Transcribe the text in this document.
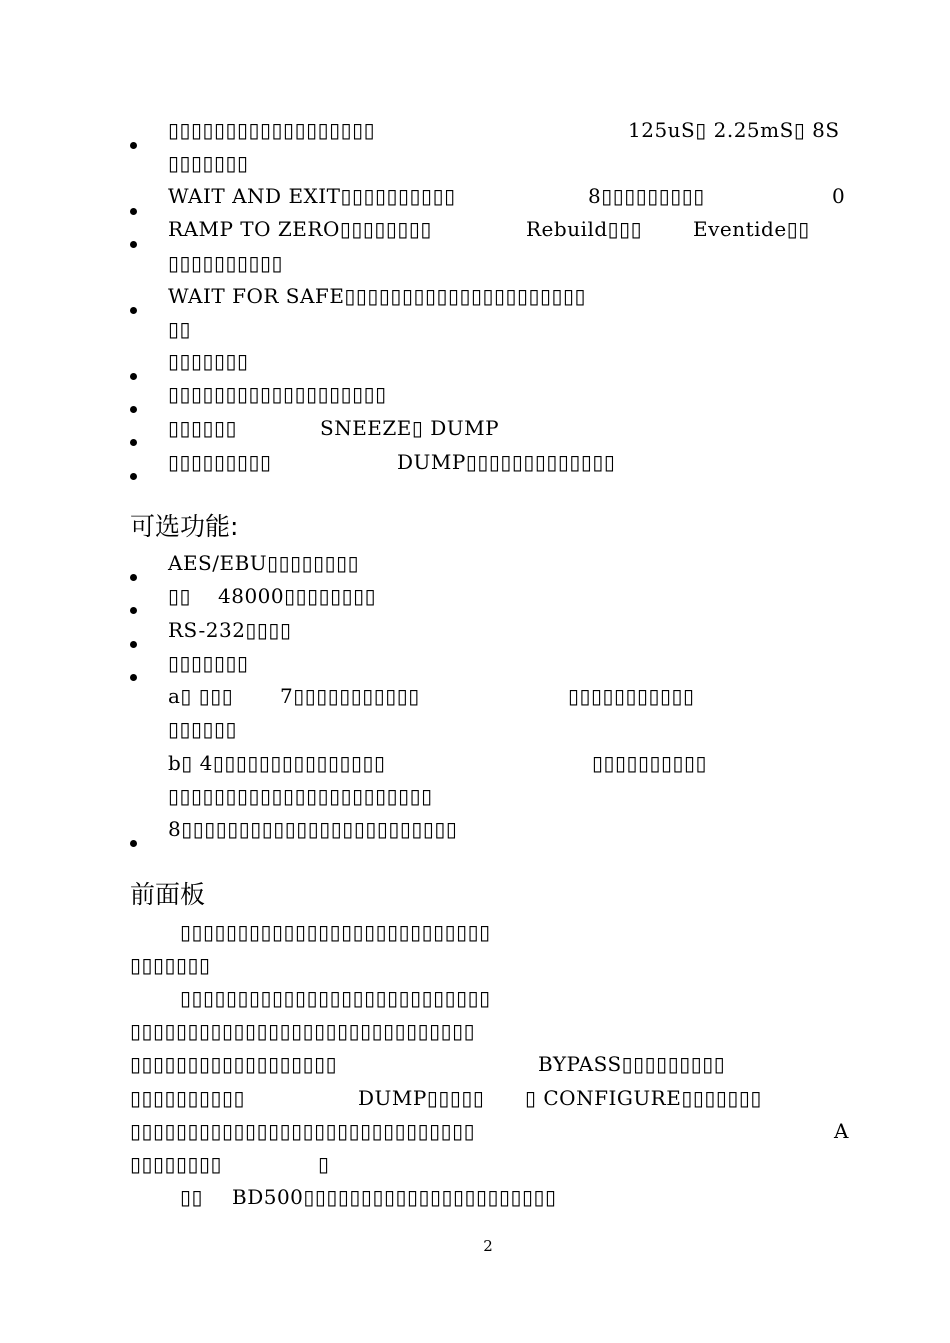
▯▯▯▯▯▯▯▯▯▯▯▯▯▯▯▯▯▯	125uS▯ 2.25mS▯ 8S
▯▯▯▯▯▯▯
WAIT AND EXIT▯▯▯▯▯▯▯▯▯▯	8▯▯▯▯▯▯▯▯▯	0
RAMP TO ZERO▯▯▯▯▯▯▯▯	Rebuild▯▯▯	Eventide▯▯
▯▯▯▯▯▯▯▯▯▯
WAIT FOR SAFE▯▯▯▯▯▯▯▯▯▯▯▯▯▯▯▯▯▯▯▯▯
▯▯
▯▯▯▯▯▯▯
▯▯▯▯▯▯▯▯▯▯▯▯▯▯▯▯▯▯▯
▯▯▯▯▯▯	SNEEZE▯ DUMP
▯▯▯▯▯▯▯▯▯	DUMP▯▯▯▯▯▯▯▯▯▯▯▯▯
可选功能:
AES/EBU▯▯▯▯▯▯▯▯
▯▯ 48000▯▯▯▯▯▯▯▯
RS-232▯▯▯▯
▯▯▯▯▯▯▯
a▯ ▯▯▯ 7▯▯▯▯▯▯▯▯▯▯▯	▯▯▯▯▯▯▯▯▯▯▯
▯▯▯▯▯▯
b▯ 4▯▯▯▯▯▯▯▯▯▯▯▯▯▯▯	▯▯▯▯▯▯▯▯▯▯
▯▯▯▯▯▯▯▯▯▯▯▯▯▯▯▯▯▯▯▯▯▯▯
8▯▯▯▯▯▯▯▯▯▯▯▯▯▯▯▯▯▯▯▯▯▯▯▯
前面板
▯▯▯▯▯▯▯▯▯▯▯▯▯▯▯▯▯▯▯▯▯▯▯▯▯▯▯
▯▯▯▯▯▯▯
▯▯▯▯▯▯▯▯▯▯▯▯▯▯▯▯▯▯▯▯▯▯▯▯▯▯▯
▯▯▯▯▯▯▯▯▯▯▯▯▯▯▯▯▯▯▯▯▯▯▯▯▯▯▯▯▯▯
▯▯▯▯▯▯▯▯▯▯▯▯▯▯▯▯▯▯	BYPASS▯▯▯▯▯▯▯▯▯
▯▯▯▯▯▯▯▯▯▯	DUMP▯▯▯▯▯ ▯ CONFIGURE▯▯▯▯▯▯▯
▯▯▯▯▯▯▯▯▯▯▯▯▯▯▯▯▯▯▯▯▯▯▯▯▯▯▯▯▯▯	A
▯▯▯▯▯▯▯▯	▯
▯▯ BD500▯▯▯▯▯▯▯▯▯▯▯▯▯▯▯▯▯▯▯▯▯▯
2
